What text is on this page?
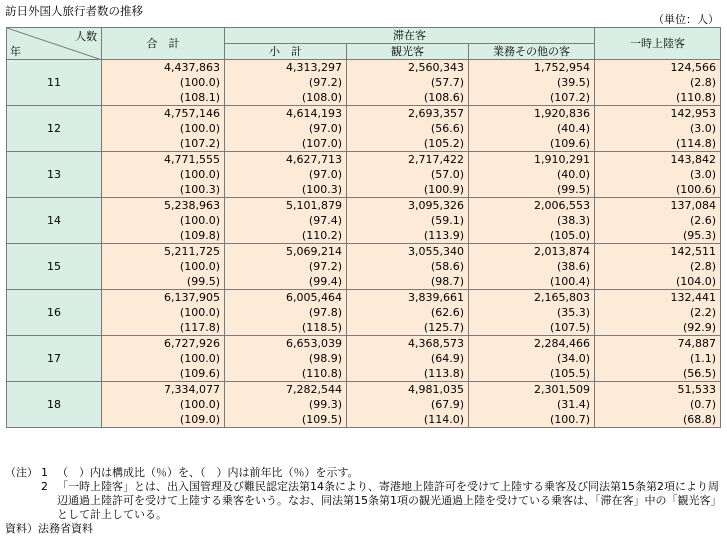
訪日外国人旅行者数の推移
（単位：人）
人数
年	合　計	滞在客			一時上陸客
		小　計	観光客	業務その他の客	
11	4,437,863	4,313,297	2,560,343	1,752,954	124,566
	(100.0)	(97.2)	(57.7)	(39.5)	(2.8)
	(108.1)	(108.0)	(108.6)	(107.2)	(110.8)
12	4,757,146	4,614,193	2,693,357	1,920,836	142,953
	(100.0)	(97.0)	(56.6)	(40.4)	(3.0)
	(107.2)	(107.0)	(105.2)	(109.6)	(114.8)
13	4,771,555	4,627,713	2,717,422	1,910,291	143,842
	(100.0)	(97.0)	(57.0)	(40.0)	(3.0)
	(100.3)	(100.3)	(100.9)	(99.5)	(100.6)
14	5,238,963	5,101,879	3,095,326	2,006,553	137,084
	(100.0)	(97.4)	(59.1)	(38.3)	(2.6)
	(109.8)	(110.2)	(113.9)	(105.0)	(95.3)
15	5,211,725	5,069,214	3,055,340	2,013,874	142,511
	(100.0)	(97.2)	(58.6)	(38.6)	(2.8)
	(99.5)	(99.4)	(98.7)	(100.4)	(104.0)
16	6,137,905	6,005,464	3,839,661	2,165,803	132,441
	(100.0)	(97.8)	(62.6)	(35.3)	(2.2)
	(117.8)	(118.5)	(125.7)	(107.5)	(92.9)
17	6,727,926	6,653,039	4,368,573	2,284,466	74,887
	(100.0)	(98.9)	(64.9)	(34.0)	(1.1)
	(109.6)	(110.8)	(113.8)	(105.5)	(56.5)
18	7,334,077	7,282,544	4,981,035	2,301,509	51,533
	(100.0)	(99.3)	(67.9)	(31.4)	(0.7)
	(109.0)	(109.5)	(114.0)	(100.7)	(68.8)
（注） 1 （　）内は構成比（％）を、（　）内は前年比（％）を示す。
2 「一時上陸客」とは、出入国管理及び難民認定法第14条により、寄港地上陸許可を受けて上陸する乗客及び同法第15条第2項により周辺通過上陸許可を受けて上陸する乗客をいう。なお、同法第15条第1項の観光通過上陸を受けている乗客は、「滞在客」中の「観光客」として計上している。
資料）法務省資料
